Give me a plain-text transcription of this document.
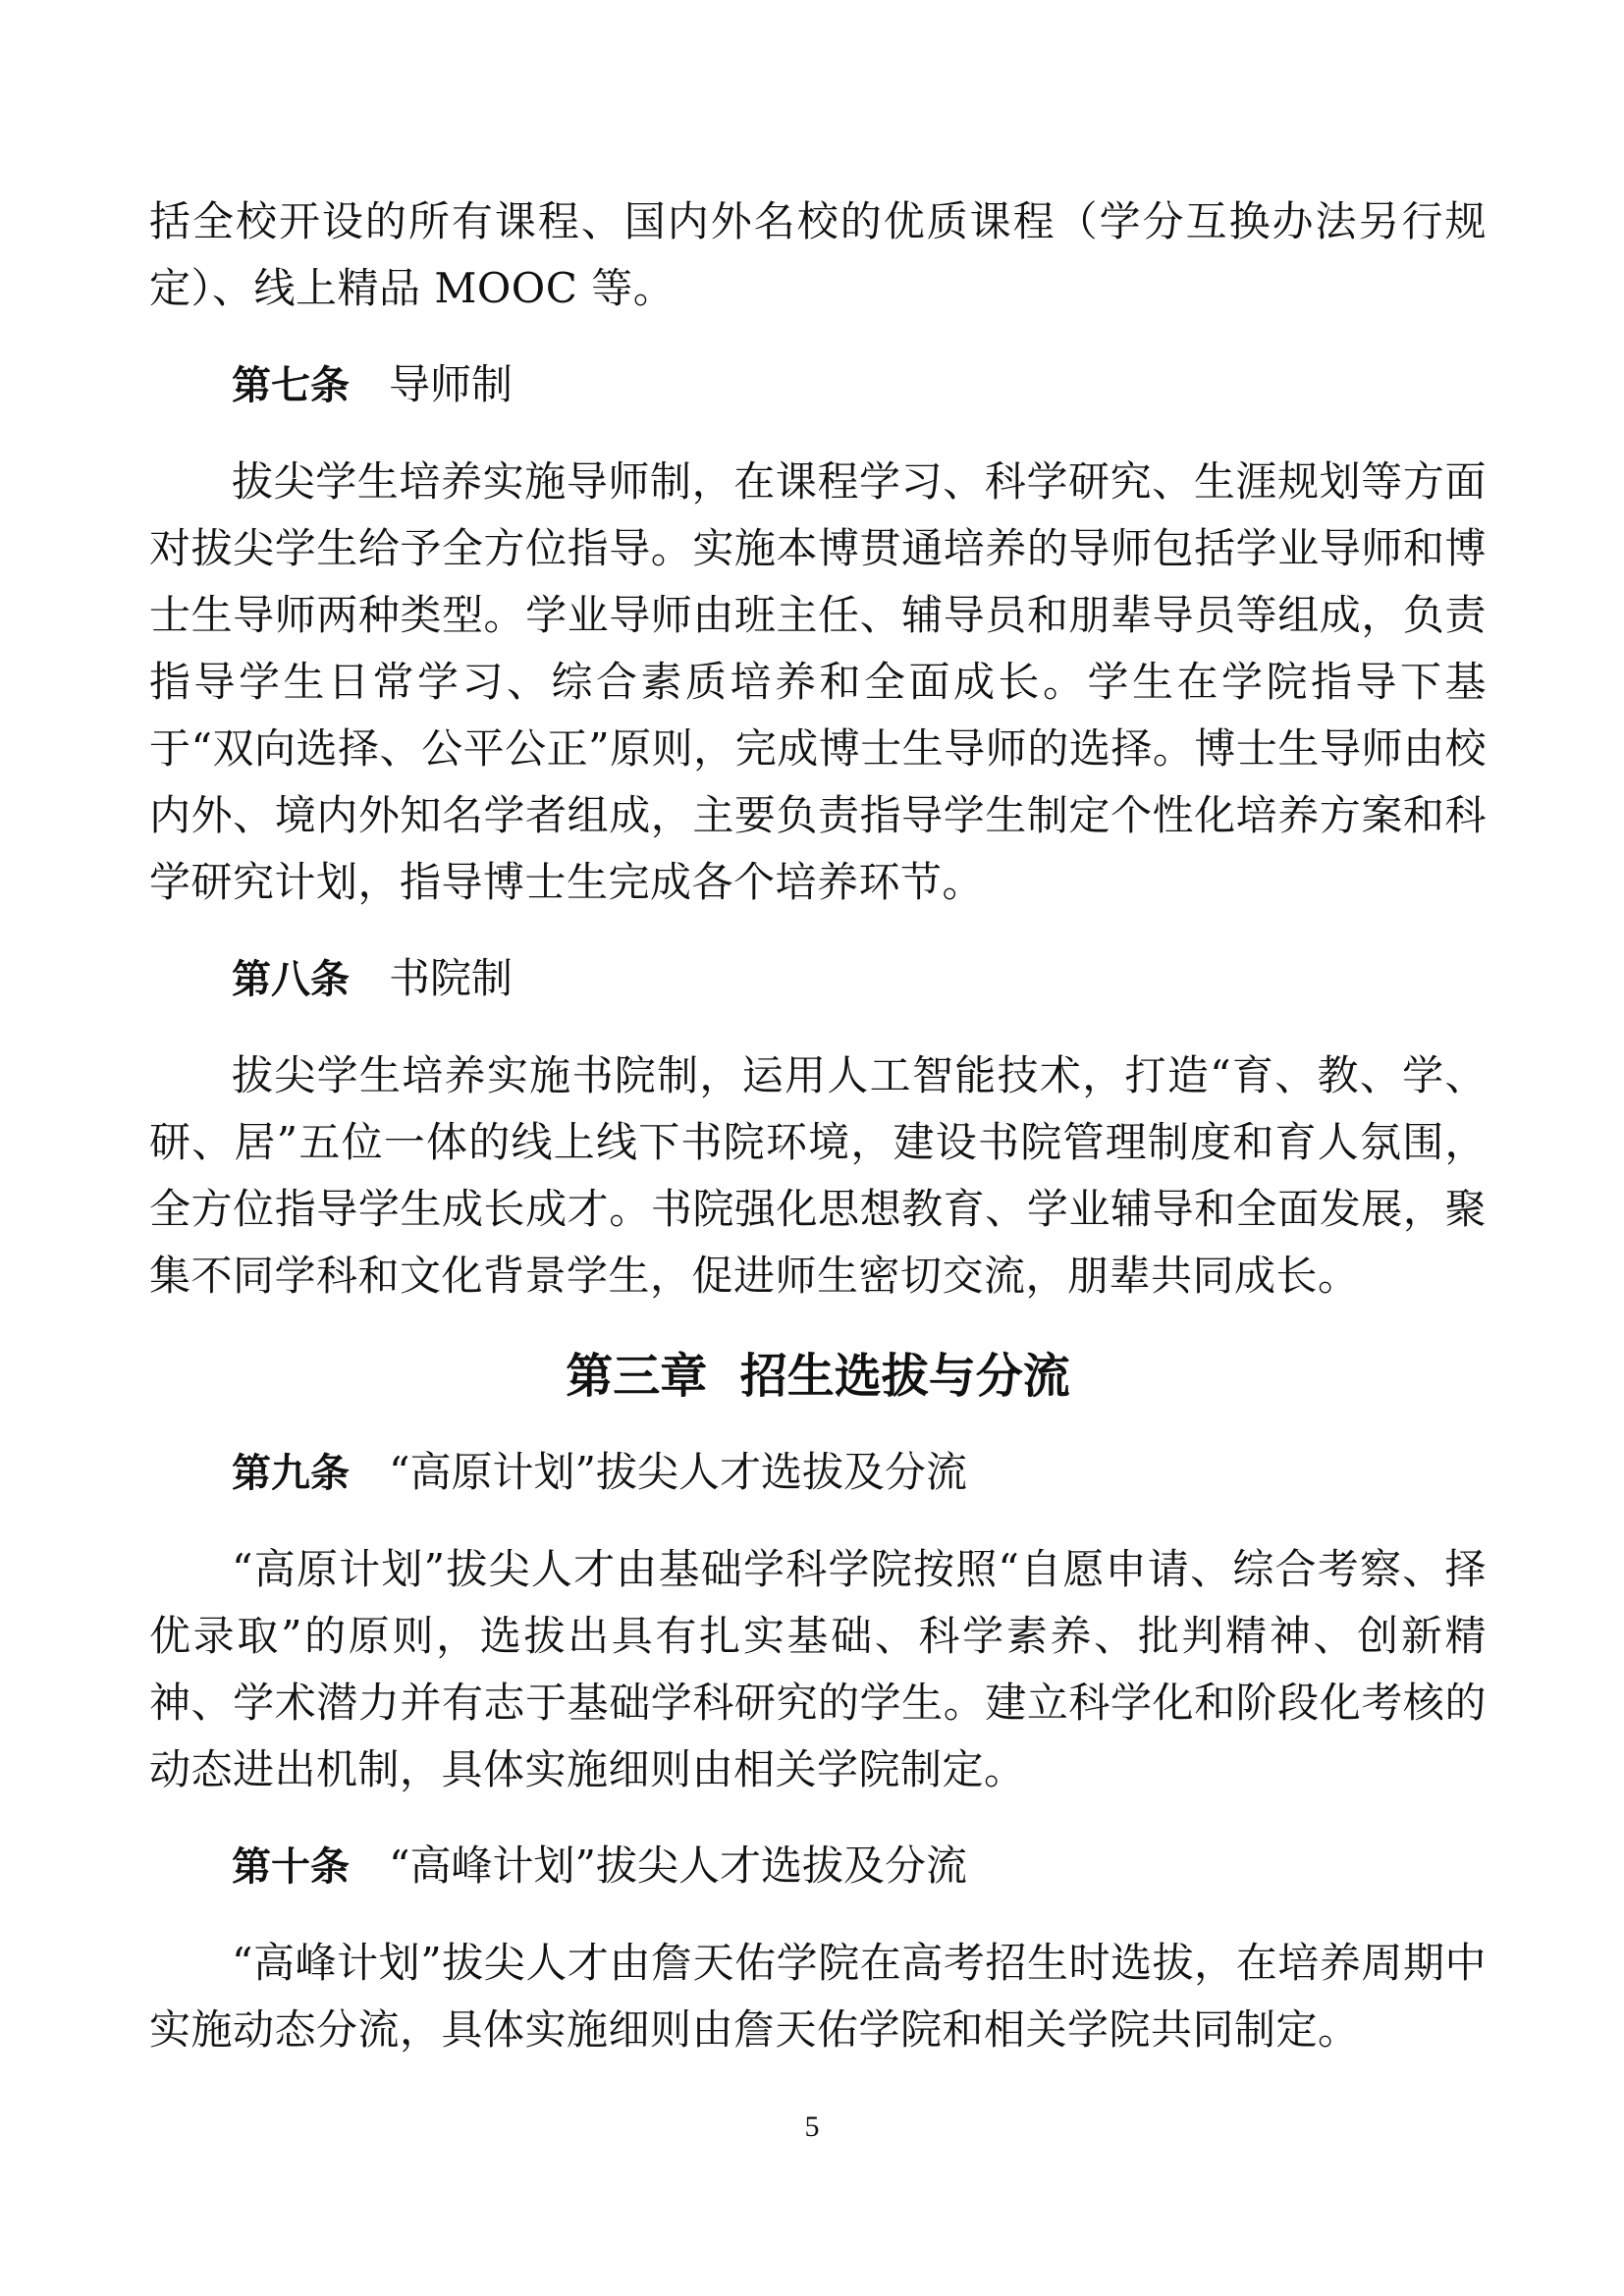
括全校开设的所有课程、国内外名校的优质课程（学分互换办法另行规定）、线上精品 MOOC 等。

第七条 导师制

拔尖学生培养实施导师制，在课程学习、科学研究、生涯规划等方面对拔尖学生给予全方位指导。实施本博贯通培养的导师包括学业导师和博士生导师两种类型。学业导师由班主任、辅导员和朋辈导员等组成，负责指导学生日常学习、综合素质培养和全面成长。学生在学院指导下基于“双向选择、公平公正”原则，完成博士生导师的选择。博士生导师由校内外、境内外知名学者组成，主要负责指导学生制定个性化培养方案和科学研究计划，指导博士生完成各个培养环节。

第八条 书院制

拔尖学生培养实施书院制，运用人工智能技术，打造“育、教、学、研、居”五位一体的线上线下书院环境，建设书院管理制度和育人氛围，全方位指导学生成长成才。书院强化思想教育、学业辅导和全面发展，聚集不同学科和文化背景学生，促进师生密切交流，朋辈共同成长。

第三章  招生选拔与分流
第九条 “高原计划”拔尖人才选拔及分流

“高原计划”拔尖人才由基础学科学院按照“自愿申请、综合考察、择优录取”的原则，选拔出具有扎实基础、科学素养、批判精神、创新精神、学术潜力并有志于基础学科研究的学生。建立科学化和阶段化考核的动态进出机制，具体实施细则由相关学院制定。

第十条 “高峰计划”拔尖人才选拔及分流

“高峰计划”拔尖人才由詹天佑学院在高考招生时选拔，在培养周期中实施动态分流，具体实施细则由詹天佑学院和相关学院共同制定。

5
